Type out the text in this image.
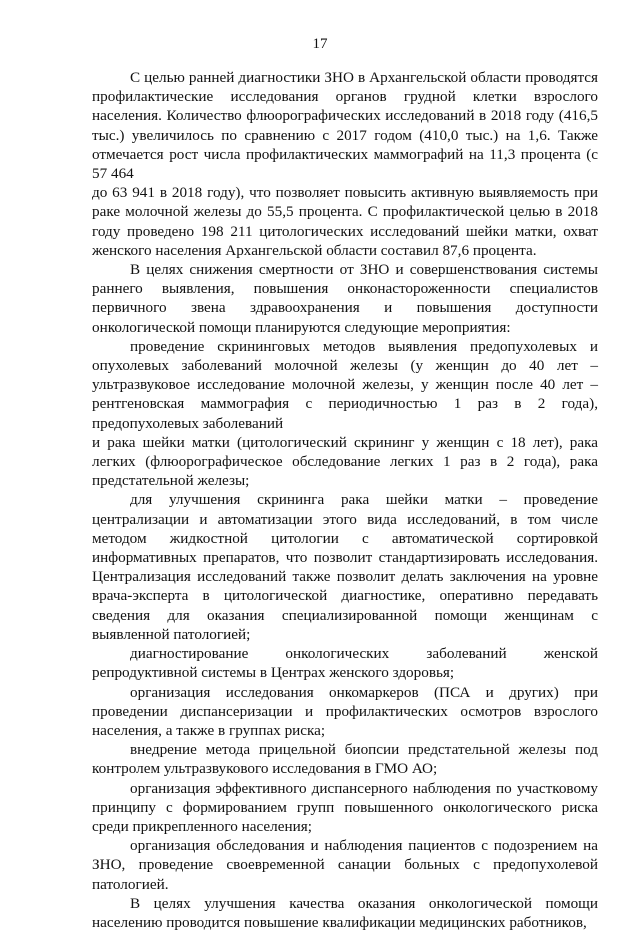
17

С целью ранней диагностики ЗНО в Архангельской области проводятся профилактические исследования органов грудной клетки взрослого населения. Количество флюорографических исследований в 2018 году (416,5 тыс.) увеличилось по сравнению с 2017 годом (410,0 тыс.) на 1,6. Также отмечается рост числа профилактических маммографий на 11,3 процента (с 57 464

до 63 941 в 2018 году), что позволяет повысить активную выявляемость при раке молочной железы до 55,5 процента. С профилактической целью в 2018 году проведено 198 211 цитологических исследований шейки матки, охват женского населения Архангельской области составил 87,6 процента.

В целях снижения смертности от ЗНО и совершенствования системы раннего выявления, повышения онконастороженности специалистов первичного звена здравоохранения и повышения доступности онкологической помощи планируются следующие мероприятия:

проведение скрининговых методов выявления предопухолевых и опухолевых заболеваний молочной железы (у женщин до 40 лет – ультразвуковое исследование молочной железы, у женщин после 40 лет – рентгеновская маммография с периодичностью 1 раз в 2 года), предопухолевых заболеваний

и рака шейки матки (цитологический скрининг у женщин с 18 лет), рака легких (флюорографическое обследование легких 1 раз в 2 года), рака предстательной железы;

для улучшения скрининга рака шейки матки – проведение централизации и автоматизации этого вида исследований, в том числе методом жидкостной цитологии с автоматической сортировкой информативных препаратов, что позволит стандартизировать исследования. Централизация исследований также позволит делать заключения на уровне врача-эксперта в цитологической диагностике, оперативно передавать сведения для оказания специализированной помощи женщинам с выявленной патологией;

диагностирование онкологических заболеваний женской репродуктивной системы в Центрах женского здоровья;

организация исследования онкомаркеров (ПСА и других) при проведении диспансеризации и профилактических осмотров взрослого населения, а также в группах риска;

внедрение метода прицельной биопсии предстательной железы под контролем ультразвукового исследования в ГМО АО;

организация эффективного диспансерного наблюдения по участковому принципу с формированием групп повышенного онкологического риска среди прикрепленного населения;

организация обследования и наблюдения пациентов с подозрением на ЗНО, проведение своевременной санации больных с предопухолевой патологией.

В целях улучшения качества оказания онкологической помощи населению проводится повышение квалификации медицинских работников,
